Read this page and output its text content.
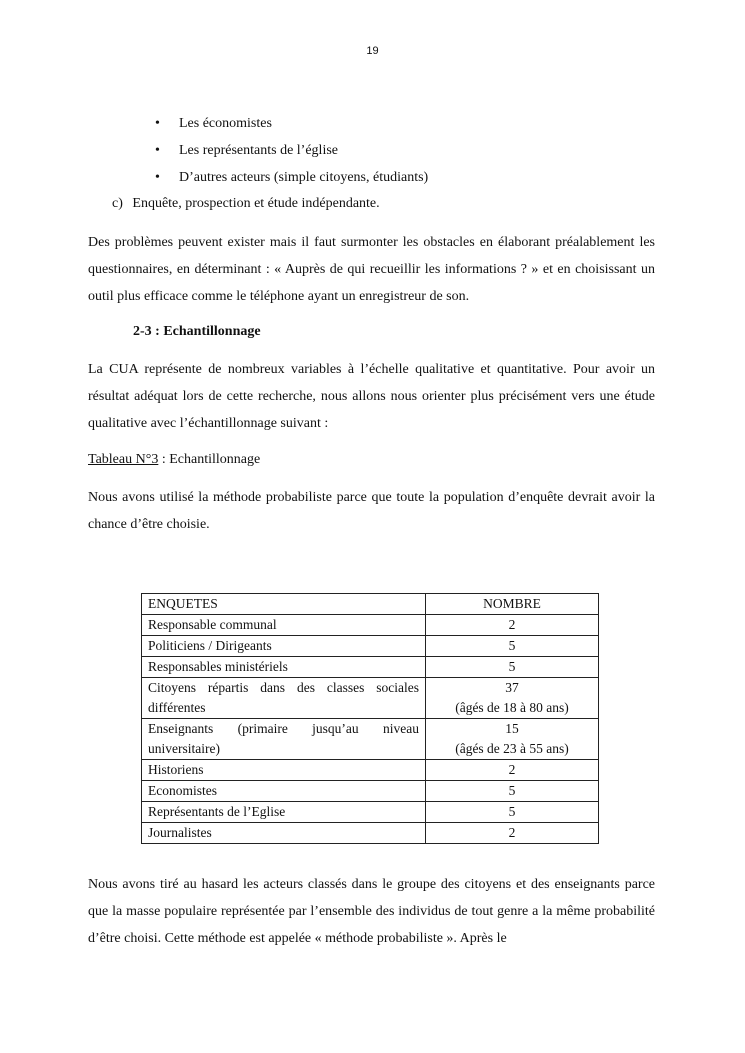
19
• Les économistes
• Les représentants de l’église
• D’autres acteurs (simple citoyens, étudiants)
c) Enquête, prospection et étude indépendante.
Des problèmes peuvent exister mais il faut surmonter les obstacles en élaborant préalablement les questionnaires, en déterminant : « Auprès de qui recueillir les informations ? » et en choisissant un outil plus efficace comme le téléphone ayant un enregistreur de son.
2-3 : Echantillonnage
La CUA représente de nombreux variables à l’échelle qualitative et quantitative. Pour avoir un résultat adéquat lors de cette recherche, nous allons nous orienter plus précisément vers une étude qualitative avec l’échantillonnage suivant :
Tableau N°3 : Echantillonnage
Nous avons utilisé la méthode probabiliste parce que toute la population d’enquête devrait avoir la chance d’être choisie.
ENQUETES	NOMBRE
Responsable communal	2
Politiciens / Dirigeants	5
Responsables ministériels	5
Citoyens répartis dans des classes sociales différentes	37
(âgés de 18 à 80 ans)

Enseignants (primaire jusqu’au niveau universitaire)	15
(âgés de 23 à 55 ans)

Historiens	2
Economistes	5
Représentants de l’Eglise	5
Journalistes	2
Nous avons tiré au hasard les acteurs classés dans le groupe des citoyens et des enseignants parce que la masse populaire représentée par l’ensemble des individus de tout genre a la même probabilité d’être choisi. Cette méthode est appelée « méthode probabiliste ». Après le
